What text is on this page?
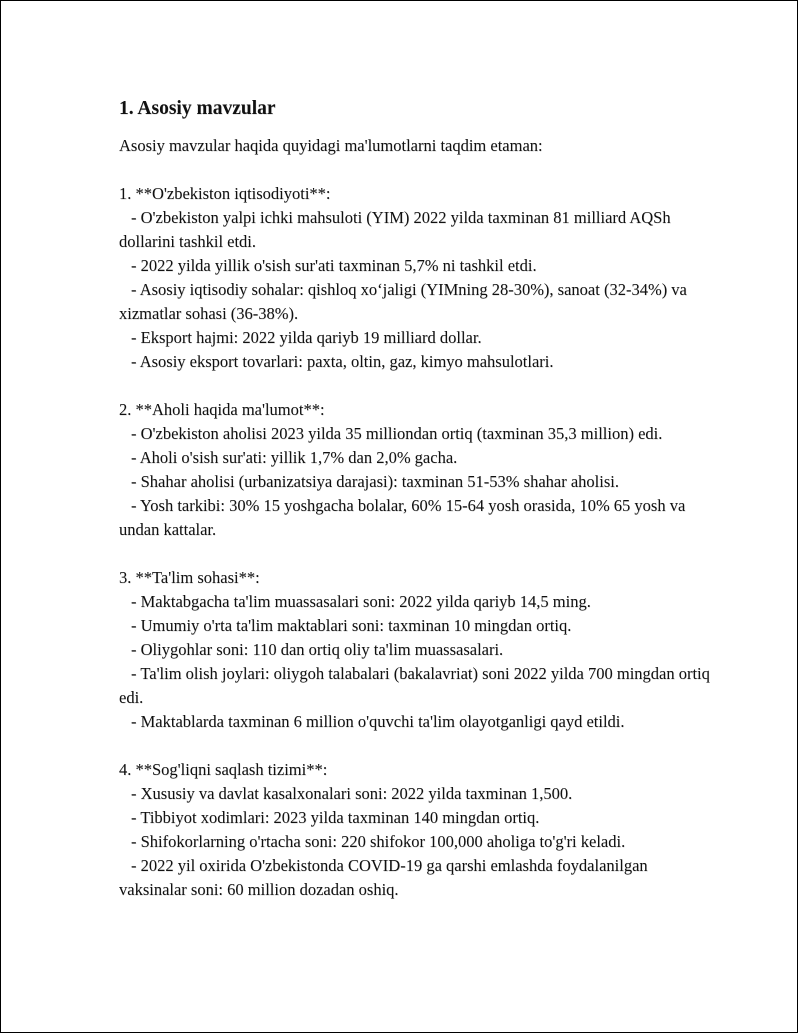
1. Asosiy mavzular
Asosiy mavzular haqida quyidagi ma'lumotlarni taqdim etaman:

1. **O'zbekiston iqtisodiyoti**:

- O'zbekiston yalpi ichki mahsuloti (YIM) 2022 yilda taxminan 81 milliard AQSh dollarini tashkil etdi.

- 2022 yilda yillik o'sish sur'ati taxminan 5,7% ni tashkil etdi.

- Asosiy iqtisodiy sohalar: qishloq xo‘jaligi (YIMning 28-30%), sanoat (32-34%) va xizmatlar sohasi (36-38%).

- Eksport hajmi: 2022 yilda qariyb 19 milliard dollar.

- Asosiy eksport tovarlari: paxta, oltin, gaz, kimyo mahsulotlari.

2. **Aholi haqida ma'lumot**:

- O'zbekiston aholisi 2023 yilda 35 milliondan ortiq (taxminan 35,3 million) edi.

- Aholi o'sish sur'ati: yillik 1,7% dan 2,0% gacha.

- Shahar aholisi (urbanizatsiya darajasi): taxminan 51-53% shahar aholisi.

- Yosh tarkibi: 30% 15 yoshgacha bolalar, 60% 15-64 yosh orasida, 10% 65 yosh va undan kattalar.

3. **Ta'lim sohasi**:

- Maktabgacha ta'lim muassasalari soni: 2022 yilda qariyb 14,5 ming.

- Umumiy o'rta ta'lim maktablari soni: taxminan 10 mingdan ortiq.

- Oliygohlar soni: 110 dan ortiq oliy ta'lim muassasalari.

- Ta'lim olish joylari: oliygoh talabalari (bakalavriat) soni 2022 yilda 700 mingdan ortiq edi.

- Maktablarda taxminan 6 million o'quvchi ta'lim olayotganligi qayd etildi.

4. **Sog'liqni saqlash tizimi**:

- Xususiy va davlat kasalxonalari soni: 2022 yilda taxminan 1,500.

- Tibbiyot xodimlari: 2023 yilda taxminan 140 mingdan ortiq.

- Shifokorlarning o'rtacha soni: 220 shifokor 100,000 aholiga to'g'ri keladi.

- 2022 yil oxirida O'zbekistonda COVID-19 ga qarshi emlashda foydalanilgan vaksinalar soni: 60 million dozadan oshiq.
